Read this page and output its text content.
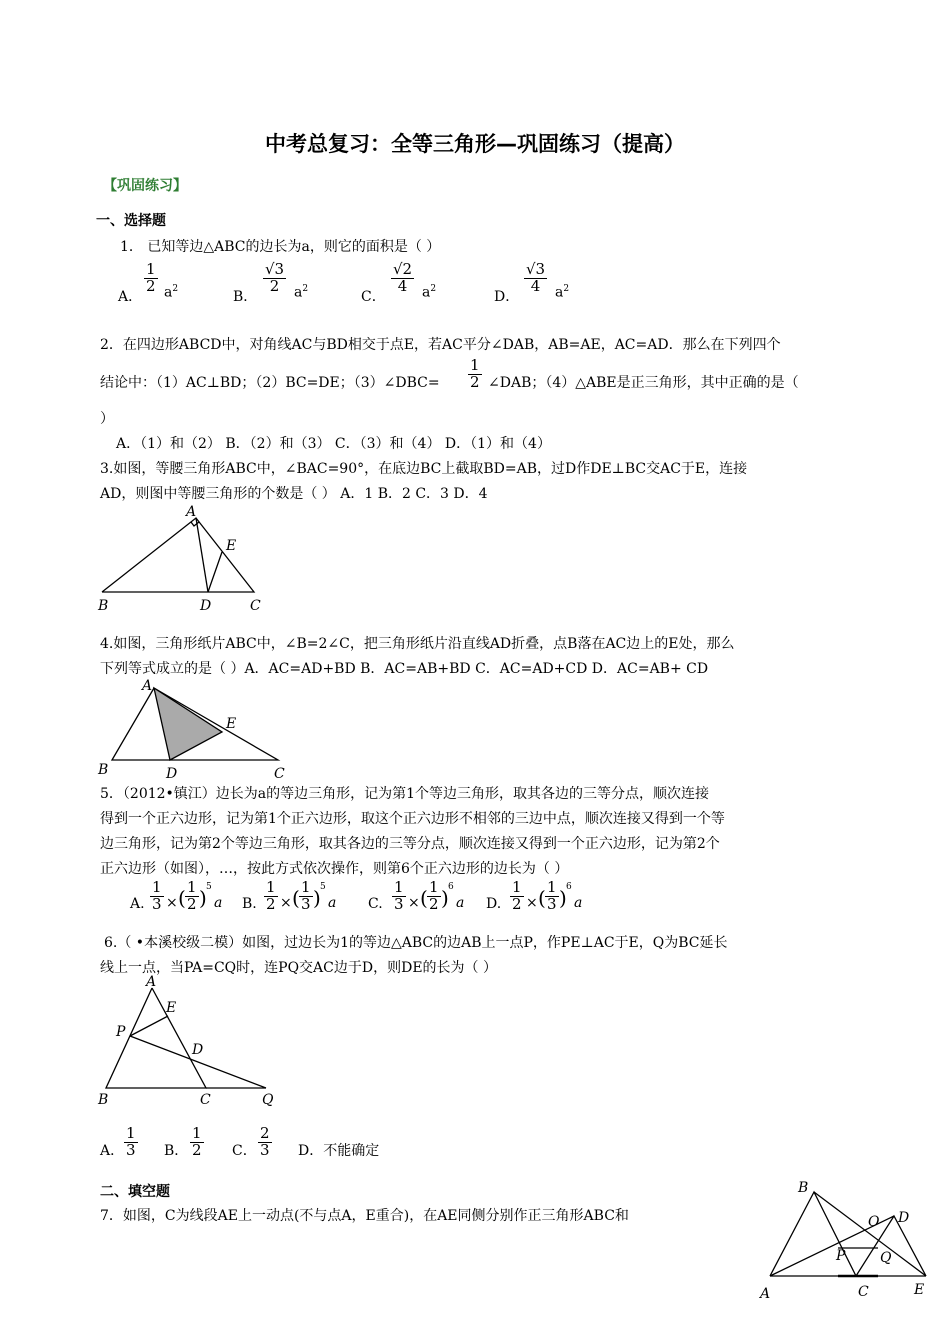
中考总复习：全等三角形—巩固练习（提高）
【巩固练习】
一、选择题
1． 已知等边△ABC的边长为a，则它的面积是（ ）
A．
$\frac{1}{2} a^2$	B．
$\frac{√3}{2} a^2$	C．
$\frac{√2}{4} a^2$	D．
$\frac{√3}{4} a^2$
2．在四边形ABCD中，对角线AC与BD相交于点E，若AC平分∠DAB，AB=AE，AC=AD．那么在下列四个
结论中：（1）AC⊥BD；（2）BC=DE；（3）∠DBC= $\frac{1}{2}$ ∠DAB；（4）△ABE是正三角形，其中正确的是（
）
A．（1）和（2） B．（2）和（3） C．（3）和（4） D．（1）和（4）
3.如图，等腰三角形ABC中，∠BAC=90°，在底边BC上截取BD=AB，过D作DE⊥BC交AC于E，连接
AD，则图中等腰三角形的个数是（ ） A．1 B．2 C．3 D．4
A
E
B	D	C
4.如图，三角形纸片ABC中，∠B=2∠C，把三角形纸片沿直线AD折叠，点B落在AC边上的E处，那么
下列等式成立的是（ ）A．AC=AD+BD B．AC=AB+BD C．AC=AD+CD D．AC=AB+ CD
A
E
B	D	C
5．（2012•镇江）边长为a的等边三角形，记为第1个等边三角形，取其各边的三等分点，顺次连接
得到一个正六边形，记为第1个正六边形，取这个正六边形不相邻的三边中点，顺次连接又得到一个等
边三角形，记为第2个等边三角形，取其各边的三等分点，顺次连接又得到一个正六边形，记为第2个
正六边形（如图），…，按此方式依次操作，则第6个正六边形的边长为（ ）
A. $\frac{1}{3}$ × ( $\frac{1}{2}$ ) 5
a B. $\frac{1}{2}$ × ( $\frac{1}{3}$ ) 5
a C. $\frac{1}{3}$ × ( $\frac{1}{2}$ ) 6
a D. $\frac{1}{2}$ × ( $\frac{1}{3}$ ) 6
a
6.（ •本溪校级二模）如图，过边长为1的等边△ABC的边AB上一点P，作PE⊥AC于E，Q为BC延长
线上一点，当PA=CQ时，连PQ交AC边于D，则DE的长为（ ）
A
E
P
D
B	C	Q
A． $\frac{1}{3}$ B． $\frac{1}{2}$ C． $\frac{2}{3}$ D．不能确定
二、填空题
7．如图，C为线段AE上一动点(不与点A，E重合)，在AE同侧分别作正三角形ABC和
B
O D
P Q
A	C	E
